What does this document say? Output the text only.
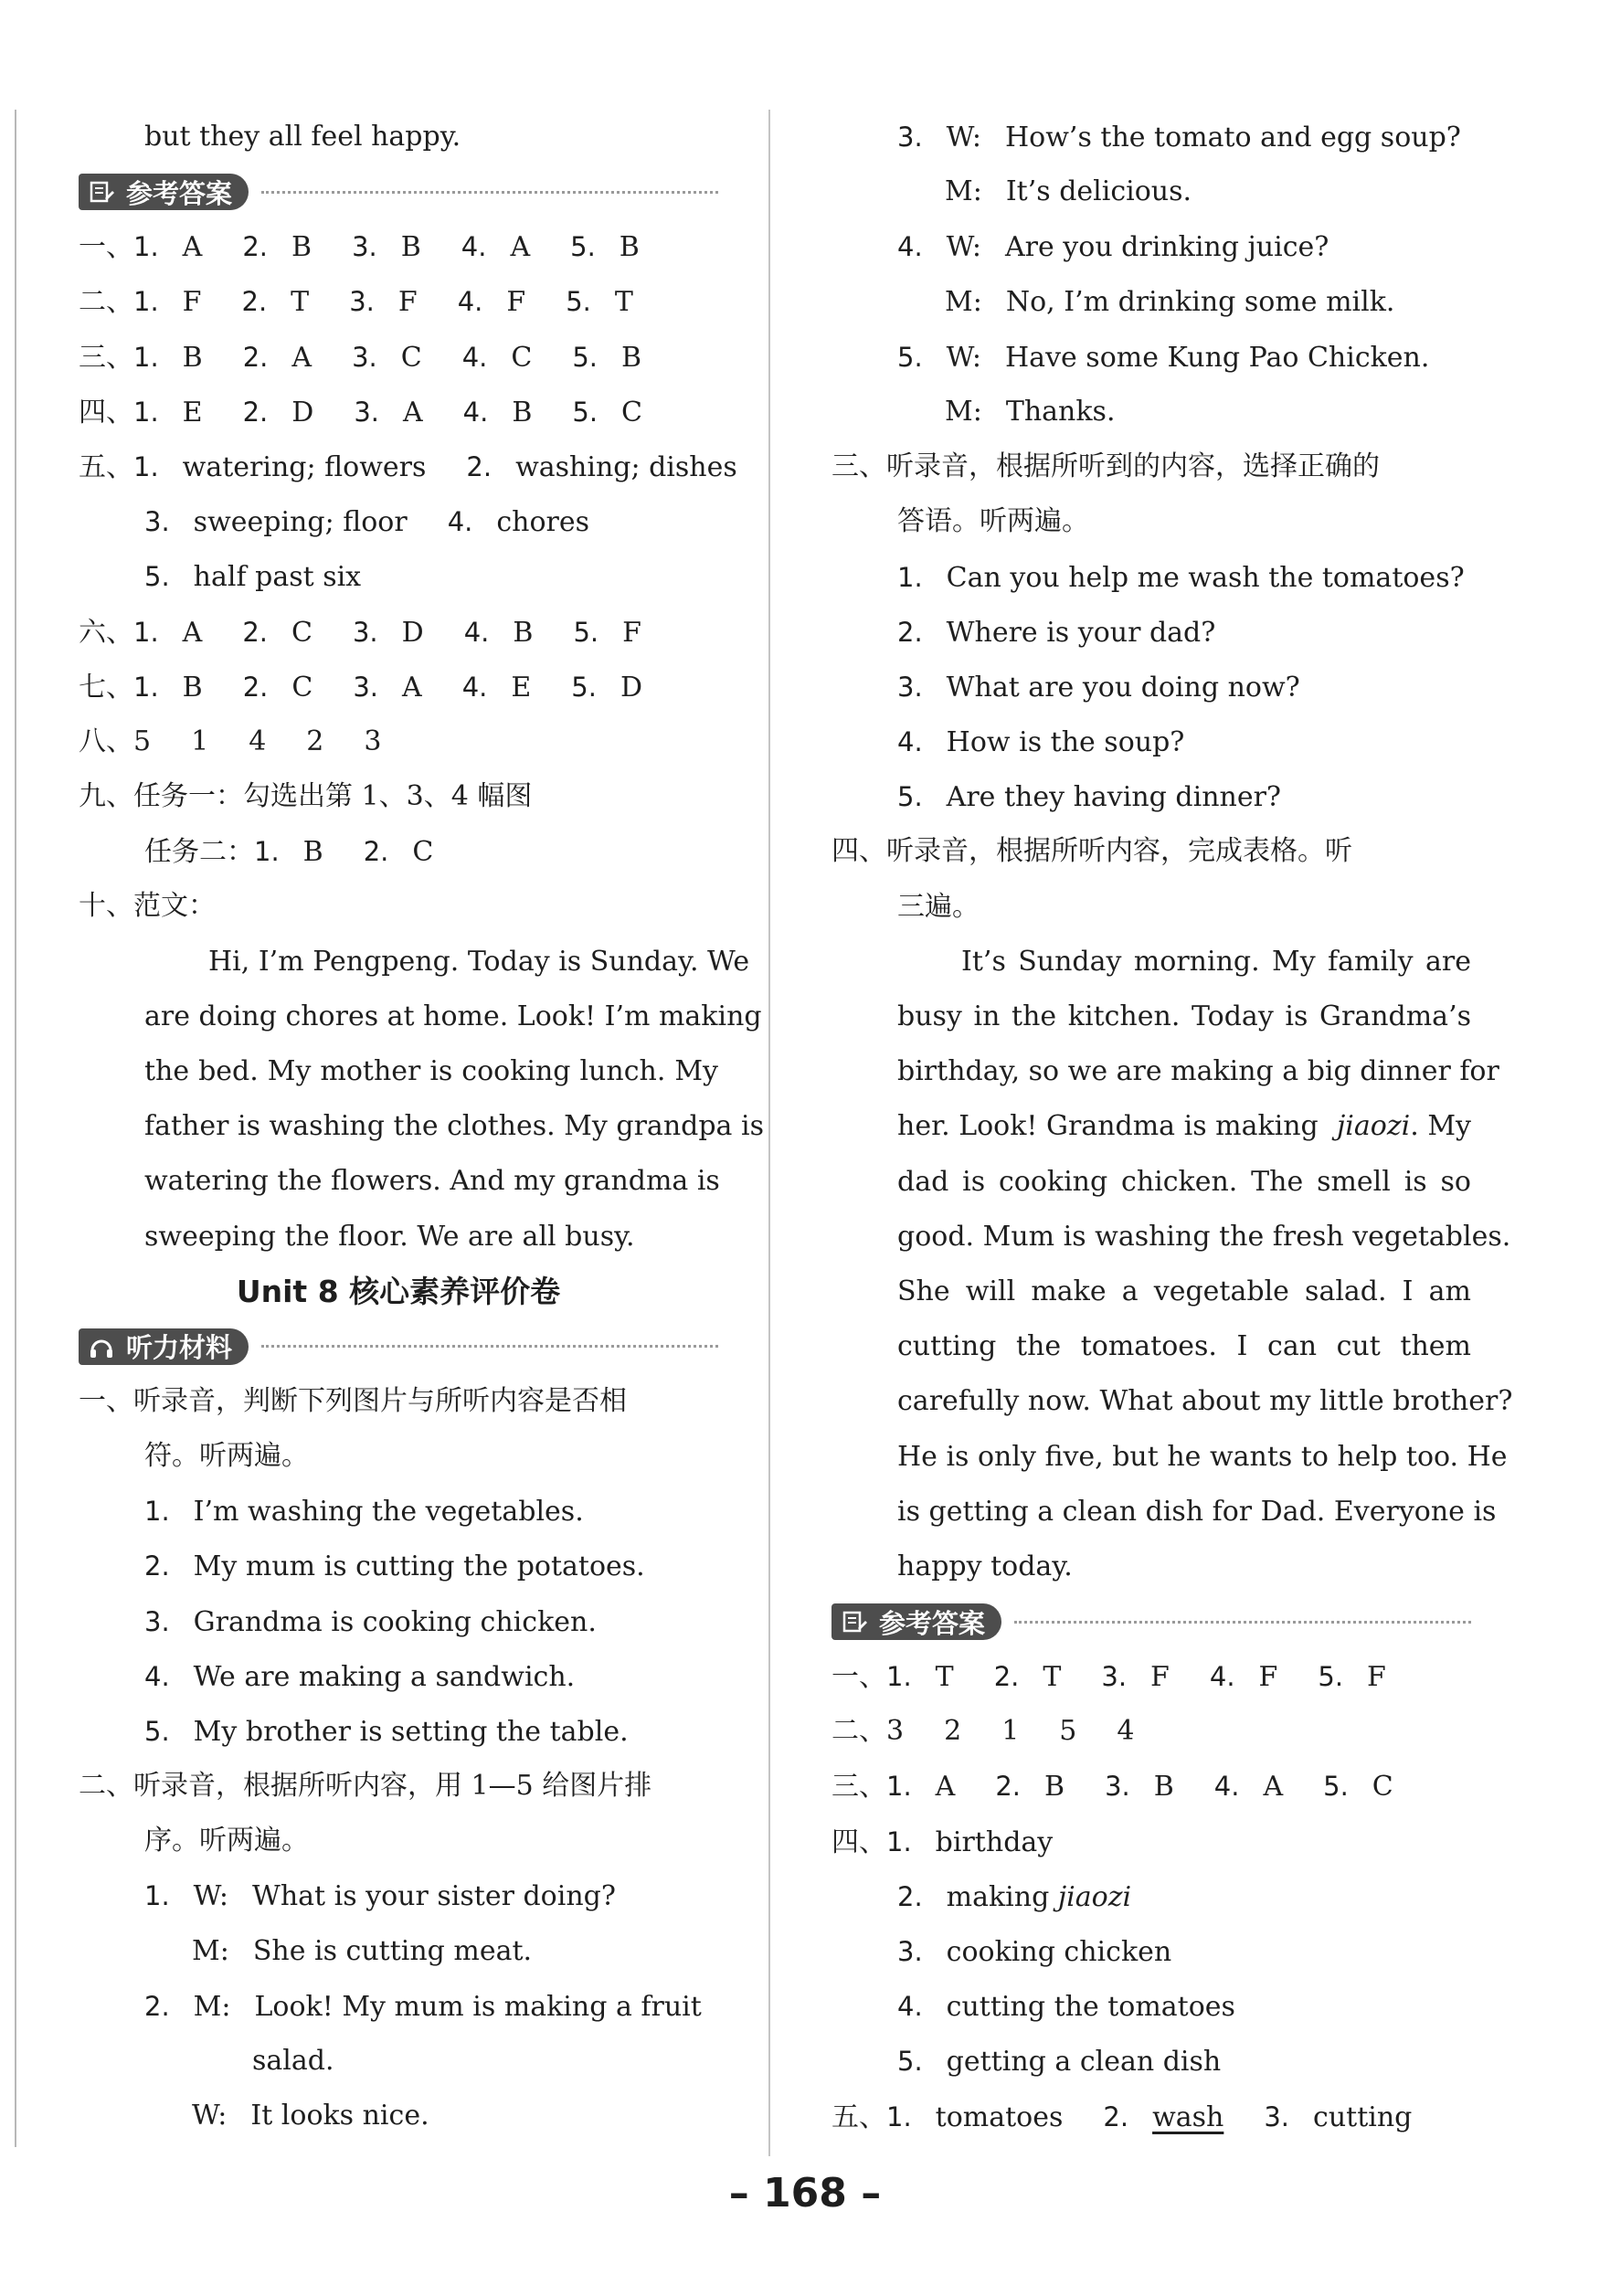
but they all feel happy.
参考答案
一、1. A 2. B 3. B 4. A 5. B
二、1. F 2. T 3. F 4. F 5. T
三、1. B 2. A 3. C 4. C 5. B
四、1. E 2. D 3. A 4. B 5. C
五、1. watering; flowers 2. washing; dishes
3. sweeping; floor 4. chores
5. half past six
六、1. A 2. C 3. D 4. B 5. F
七、1. B 2. C 3. A 4. E 5. D
八、5 1 4 2 3
九、任务一：勾选出第 1、3、4 幅图
任务二：1. B 2. C
十、范文：
Hi, I’m Pengpeng. Today is Sunday. We
are doing chores at home. Look! I’m making
the bed. My mother is cooking lunch. My
father is washing the clothes. My grandpa is
watering the flowers. And my grandma is
sweeping the floor. We are all busy.
Unit 8 核心素养评价卷
听力材料
一、听录音，判断下列图片与所听内容是否相
符。听两遍。
1. I’m washing the vegetables.
2. My mum is cutting the potatoes.
3. Grandma is cooking chicken.
4. We are making a sandwich.
5. My brother is setting the table.
二、听录音，根据所听内容，用 1—5 给图片排
序。听两遍。
1. W: What is your sister doing?
M: She is cutting meat.
2. M: Look! My mum is making a fruit
salad.
W: It looks nice.
3. W: How’s the tomato and egg soup?
M: It’s delicious.
4. W: Are you drinking juice?
M: No, I’m drinking some milk.
5. W: Have some Kung Pao Chicken.
M: Thanks.
三、听录音，根据所听到的内容，选择正确的
答语。听两遍。
1. Can you help me wash the tomatoes?
2. Where is your dad?
3. What are you doing now?
4. How is the soup?
5. Are they having dinner?
四、听录音，根据所听内容，完成表格。听
三遍。
It’s Sunday morning. My family are
busy in the kitchen. Today is Grandma’s
birthday, so we are making a big dinner for
her. Look! Grandma is making jiaozi. My
dad is cooking chicken. The smell is so
good. Mum is washing the fresh vegetables.
She will make a vegetable salad. I am
cutting the tomatoes. I can cut them
carefully now. What about my little brother?
He is only five, but he wants to help too. He
is getting a clean dish for Dad. Everyone is
happy today.
参考答案
一、1. T 2. T 3. F 4. F 5. F
二、3 2 1 5 4
三、1. A 2. B 3. B 4. A 5. C
四、1. birthday
2. making jiaozi
3. cooking chicken
4. cutting the tomatoes
5. getting a clean dish
五、1. tomatoes 2. wash 3. cutting
– 168 –
